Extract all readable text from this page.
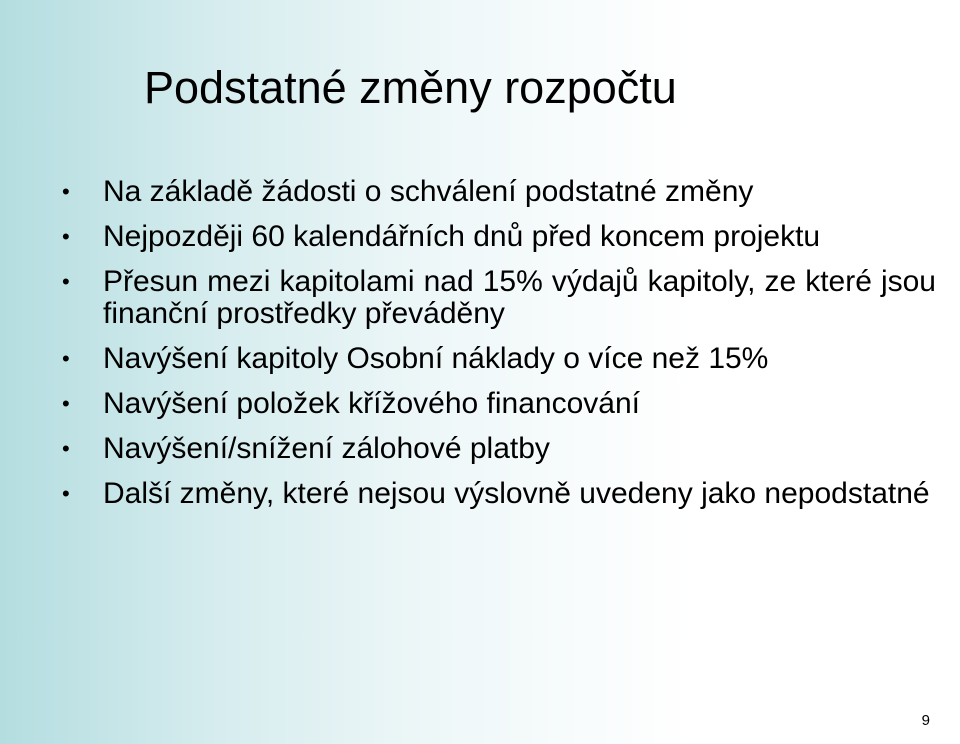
Podstatné změny rozpočtu
•	Na základě žádosti o schválení podstatné změny
•	Nejpozději 60 kalendářních dnů před koncem projektu
•	Přesun mezi kapitolami nad 15% výdajů kapitoly, ze které jsou finanční prostředky převáděny
•	Navýšení kapitoly Osobní náklady o více než 15%
•	Navýšení položek křížového financování
•	Navýšení/snížení zálohové platby
•	Další změny, které nejsou výslovně uvedeny jako nepodstatné
9
